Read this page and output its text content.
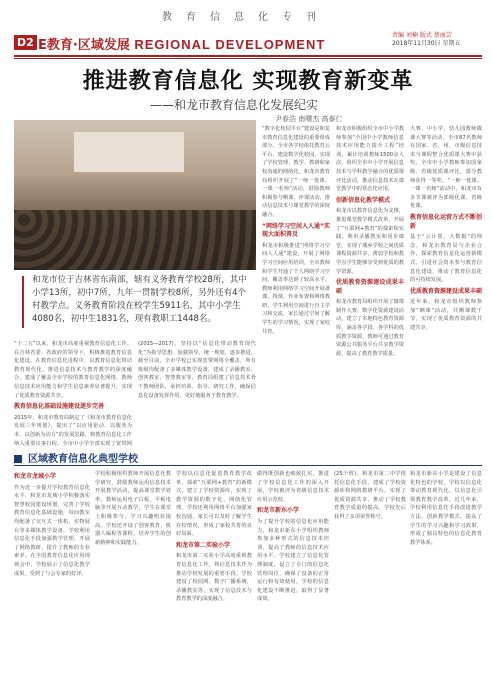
教育信息化专刊
D2 E教育·区域发展 REGIONAL DEVELOPMENT
责编 刘楠 版式 蔡丽芸
2018年11月30日 星期五
推进教育信息化 实现教育新变革
——和龙市教育信息化发展纪实
尹春浩 南曙杰 高泰仁
和龙市位于吉林省东南部，辖有义务教育学校28所，其中小学13所，初中7所，九年一贯制学校8所，另外还有4个村教学点。义务教育阶段在校学生5911名，其中小学生4080名，初中生1831名，现有教职工1448名。
“十二五”以来，和龙市高度重视教育信息化工作。在吉林省委、省政府的领导下，积极推进教育信息化建设。在教育信息化进程中，以教育信息化带动教育现代化，推进信息技术与教育教学的深度融合，建成了覆盖全市学校的教育信息化网络，教师信息技术应用能力和学生信息素养显著提升，实现了优质教育资源共享。
教育信息化基础设施建设逐步完善
2015年，和龙市教育局制定了《和龙市教育信息化发展三年规划》，提出了“以应用驱动、以服务为本、以创新为动力”的发展思路，将教育信息化工作纳入重要议事日程。全市中小学全部实现了宽带网
(2015—2017)，坚持以“信息化带动教育现代化”为指导思想，加强领导，统一规划，逐步推进。截至目前，全市学校已实现宽带网络全覆盖，所有班级均配备了多媒体教学设备，建成了录播教室、创客教室、智慧教室等。教育局组建了信息技术骨干教师团队，承担培训、指导、研究工作，确保信息化设备发挥作用，更好地服务于教育教学。
“数字化校园平台”建设是和龙市教育信息化建设的重要组成部分。全市各学校依托教育云平台，建设数字化校园，实现了学校管理、教学、教研和家校沟通的网络化。和龙市教育局组织开展了“一师一优课、一课一名师”活动，鼓励教师积极参与晒课、评课活动，推动信息技术与课堂教学的深度融合。
“网络学习空间人人通”实现大面积普及
和龙市积极推进“网络学习空间人人通”建设，开展了网络学习空间应用培训，全市教师和学生开通了个人网络学习空间，覆盖率达到了较高水平。教师利用网络学习空间开展备课、授课、作业布置和网络教研，学生利用空间进行自主学习和交流，家长通过空间了解学生的学习情况，实现了家校共育。
和龙市积极组织全市中小学教师参加“全国中小学教师信息技术应用能力提升工程”培训，累计培训教师1500余人次，组织全市中小学开展信息技术与学科教学融合的优质课评比活动，推动信息技术在课堂教学中的常态化应用。
创新信息化教学模式
和龙市以教育信息化为支撑，推进课堂教学模式改革，开展了“互联网+教育”的探索和实践。利用录播教室和同步课堂，实现了城乡学校之间优质课程资源共享，薄弱学校和教学点学生能够享受到优质的教学资源。
优质教育资源建设成果丰硕
和龙市教育局组织开展了微课制作大赛、数字化资源建设活动，建立了本地特色教育资源库，涵盖各学段、各学科的优质教学资源，教师可通过教育资源公共服务平台共享教学资源，提高了教育教学质量。
大赛、中小学、幼儿园教师微课大赛等活动。全市87名教师在国家、省、州、市级信息技术与课程整合优质课大赛中获奖。全市中小学教师参加国家级、省级优质课评比，部分教师获得一等奖。“一师一优课、一课一名师”活动中，和龙市有多节课被评为部级优课、省级优课。
教育信息化运营方式不断创新
基于“云计算、大数据”的理念，和龙市教育局与企业合作，探索教育信息化运营新模式，引进社会资本参与教育信息化建设，推动了教育信息化的可持续发展。
优质教育资源建设成果丰硕
近年来，和龙市组织教师参加“晒课”活动，共晒课数千节，实现了优质教育资源的共建共享。
区域教育信息化典型学校
和龙市龙城小学
作为近一步提升学校教育信息化水平，和龙市龙城小学积极落实智慧校园建设规划，完善了学校教育信息化基础设施，每间教室均配备了交互式一体机、实物展台等多媒体教学设备。学校利用信息化手段加强教学管理，开展了网络教研，提升了教师的专业素养。在全国教育信息化应用现场会中，学校展示了信息化教学成果，受到了与会专家的好评。
学校积极组织教师开展信息化教学研究，鼓励教师运用信息技术开展教学活动，提高课堂教学效率。教师运用电子白板、平板电脑等开展互动教学，学生在课堂上积极参与，学习兴趣明显提高。学校还开设了创客教育、机器人编程等课程，培养学生的创新精神和实践能力。
学校以信息化促进教育教学改革，探索“互联网+教育”的新模式，建立了学校资源库，实现了教学资源的数字化、网络化管理。学校还利用网络平台加强家校沟通，家长可以及时了解学生在校情况，形成了家校共育的良好局面。
和龙市第二实验小学
和龙市第二实验小学高度重视教育信息化工作，将信息技术作为推动学校发展的重要手段。学校建设了校园网、数字广播系统、录播教室等，实现了信息技术与教育教学的深度融合。
做得既创新也细致扎实，推进了学校信息化工作的深入开展，学校被评为省级信息技术应用示范校。
和龙市新东小学
为了提升学校的信息化应用能力，和龙市新东小学组织教师参加多种形式的信息技术培训，提高了教师的信息技术应用水平。学校建立了信息化管理制度，设立了专门的信息化管理岗位，确保了设备的正常运行和有效使用。学校的信息化建设不断推进，取得了显著成效。
(25个班)，和龙市第二中学依托信息化手段，建成了学校资源库和网络教研平台，实现了优质资源共享，推动了学校教育教学质量的提高。学校先后获得了多项荣誉称号。
和龙市新东小学是建设了信息化特色的学校，学校以信息化带动教育现代化，以信息化引领教育教学改革。近几年来，学校利用信息化手段改进教学方法，创新教学模式，提高了学生的学习兴趣和学习效果，形成了独具特色的信息化教育教学体系。
